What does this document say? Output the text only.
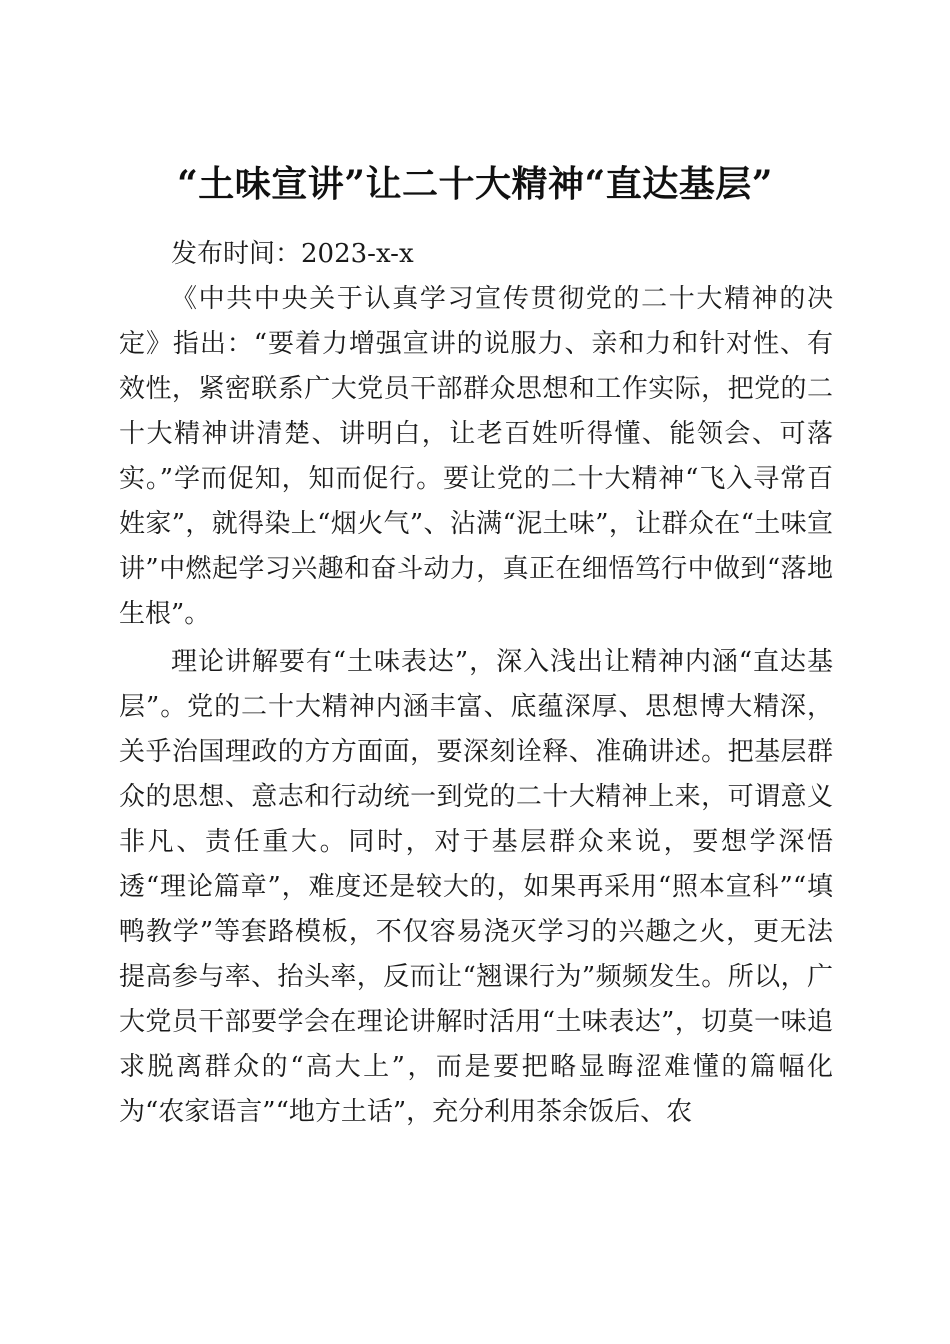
“土味宣讲”让二十大精神“直达基层”

发布时间：2023-x-x

《中共中央关于认真学习宣传贯彻党的二十大精神的决定》指出：“要着力增强宣讲的说服力、亲和力和针对性、有效性，紧密联系广大党员干部群众思想和工作实际，把党的二十大精神讲清楚、讲明白，让老百姓听得懂、能领会、可落实。”学而促知，知而促行。要让党的二十大精神“飞入寻常百姓家”，就得染上“烟火气”、沾满“泥土味”，让群众在“土味宣讲”中燃起学习兴趣和奋斗动力，真正在细悟笃行中做到“落地生根”。

理论讲解要有“土味表达”，深入浅出让精神内涵“直达基层”。党的二十大精神内涵丰富、底蕴深厚、思想博大精深，关乎治国理政的方方面面，要深刻诠释、准确讲述。把基层群众的思想、意志和行动统一到党的二十大精神上来，可谓意义非凡、责任重大。同时，对于基层群众来说，要想学深悟透“理论篇章”，难度还是较大的，如果再采用“照本宣科”“填鸭教学”等套路模板，不仅容易浇灭学习的兴趣之火，更无法提高参与率、抬头率，反而让“翘课行为”频频发生。所以，广大党员干部要学会在理论讲解时活用“土味表达”，切莫一味追求脱离群众的“高大上”，而是要把略显晦涩难懂的篇幅化为“农家语言”“地方土话”，充分利用茶余饭后、农
